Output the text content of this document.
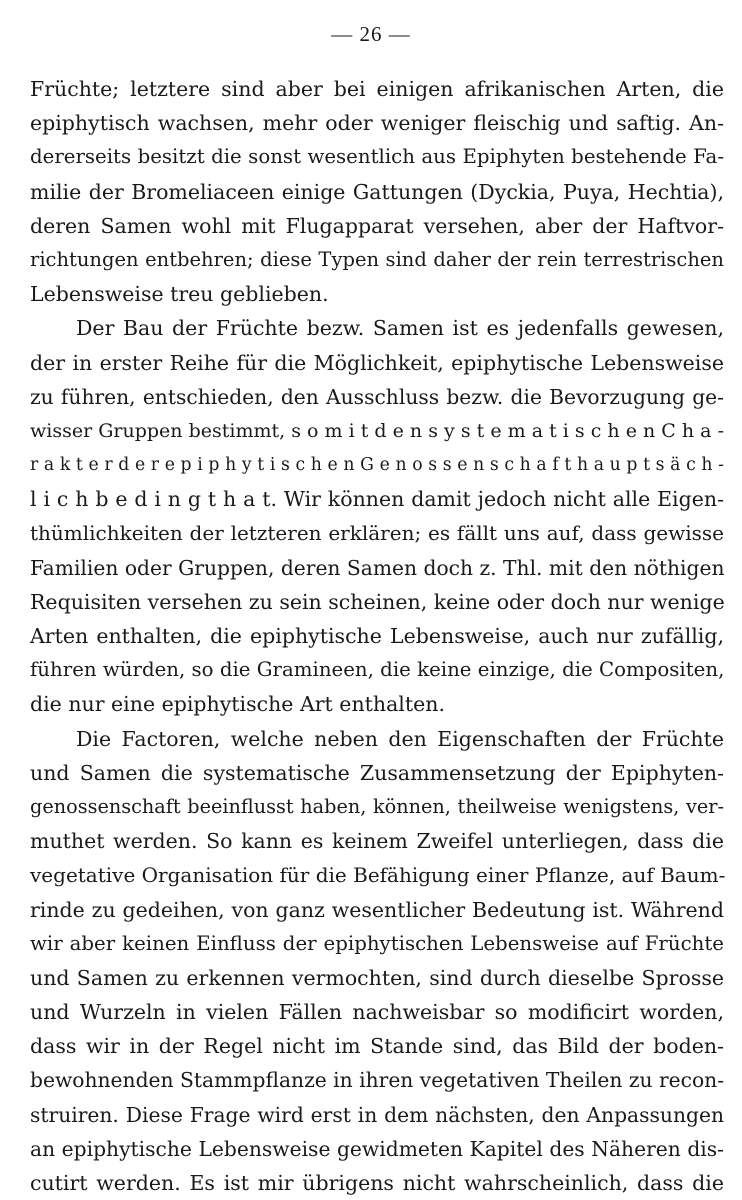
— 26 —
Früchte; letztere sind aber bei einigen afrikanischen Arten, die
epiphytisch wachsen, mehr oder weniger fleischig und saftig. An-
dererseits besitzt die sonst wesentlich aus Epiphyten bestehende Fa-
milie der Bromeliaceen einige Gattungen (Dyckia, Puya, Hechtia),
deren Samen wohl mit Flugapparat versehen, aber der Haftvor-
richtungen entbehren; diese Typen sind daher der rein terrestrischen
Lebensweise treu geblieben.
Der Bau der Früchte bezw. Samen ist es jedenfalls gewesen,
der in erster Reihe für die Möglichkeit, epiphytische Lebensweise
zu führen, entschieden, den Ausschluss bezw. die Bevorzugung ge-
wisser Gruppen bestimmt, s o m i t d e n s y s t e m a t i s c h e n C h a -
r a k t e r d e r e p i p h y t i s c h e n G e n o s s e n s c h a f t h a u p t s ä c h -
l i c h b e d i n g t h a t. Wir können damit jedoch nicht alle Eigen-
thümlichkeiten der letzteren erklären; es fällt uns auf, dass gewisse
Familien oder Gruppen, deren Samen doch z. Thl. mit den nöthigen
Requisiten versehen zu sein scheinen, keine oder doch nur wenige
Arten enthalten, die epiphytische Lebensweise, auch nur zufällig,
führen würden, so die Gramineen, die keine einzige, die Compositen,
die nur eine epiphytische Art enthalten.
Die Factoren, welche neben den Eigenschaften der Früchte
und Samen die systematische Zusammensetzung der Epiphyten-
genossenschaft beeinflusst haben, können, theilweise wenigstens, ver-
muthet werden. So kann es keinem Zweifel unterliegen, dass die
vegetative Organisation für die Befähigung einer Pflanze, auf Baum-
rinde zu gedeihen, von ganz wesentlicher Bedeutung ist. Während
wir aber keinen Einfluss der epiphytischen Lebensweise auf Früchte
und Samen zu erkennen vermochten, sind durch dieselbe Sprosse
und Wurzeln in vielen Fällen nachweisbar so modificirt worden,
dass wir in der Regel nicht im Stande sind, das Bild der boden-
bewohnenden Stammpflanze in ihren vegetativen Theilen zu recon-
struiren. Diese Frage wird erst in dem nächsten, den Anpassungen
an epiphytische Lebensweise gewidmeten Kapitel des Näheren dis-
cutirt werden. Es ist mir übrigens nicht wahrscheinlich, dass die
